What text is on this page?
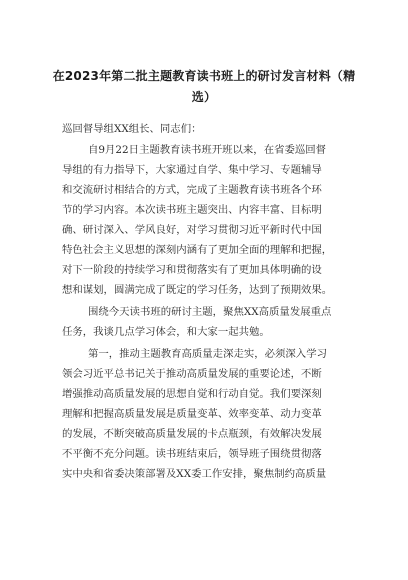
在2023年第二批主题教育读书班上的研讨发言材料（精
选）
巡回督导组XX组长、同志们：
自9月22日主题教育读书班开班以来，在省委巡回督
导组的有力指导下，大家通过自学、集中学习、专题辅导
和交流研讨相结合的方式，完成了主题教育读书班各个环
节的学习内容。本次读书班主题突出、内容丰富、目标明
确、研讨深入、学风良好，对学习贯彻习近平新时代中国
特色社会主义思想的深刻内涵有了更加全面的理解和把握，
对下一阶段的持续学习和贯彻落实有了更加具体明确的设
想和谋划，圆满完成了既定的学习任务，达到了预期效果。
围绕今天读书班的研讨主题，聚焦XX高质量发展重点
任务，我谈几点学习体会，和大家一起共勉。
第一，推动主题教育高质量走深走实，必须深入学习
领会习近平总书记关于推动高质量发展的重要论述，不断
增强推动高质量发展的思想自觉和行动自觉。我们要深刻
理解和把握高质量发展是质量变革、效率变革、动力变革
的发展，不断突破高质量发展的卡点瓶颈，有效解决发展
不平衡不充分问题。读书班结束后，领导班子围绕贯彻落
实中央和省委决策部署及XX委工作安排，聚焦制约高质量
